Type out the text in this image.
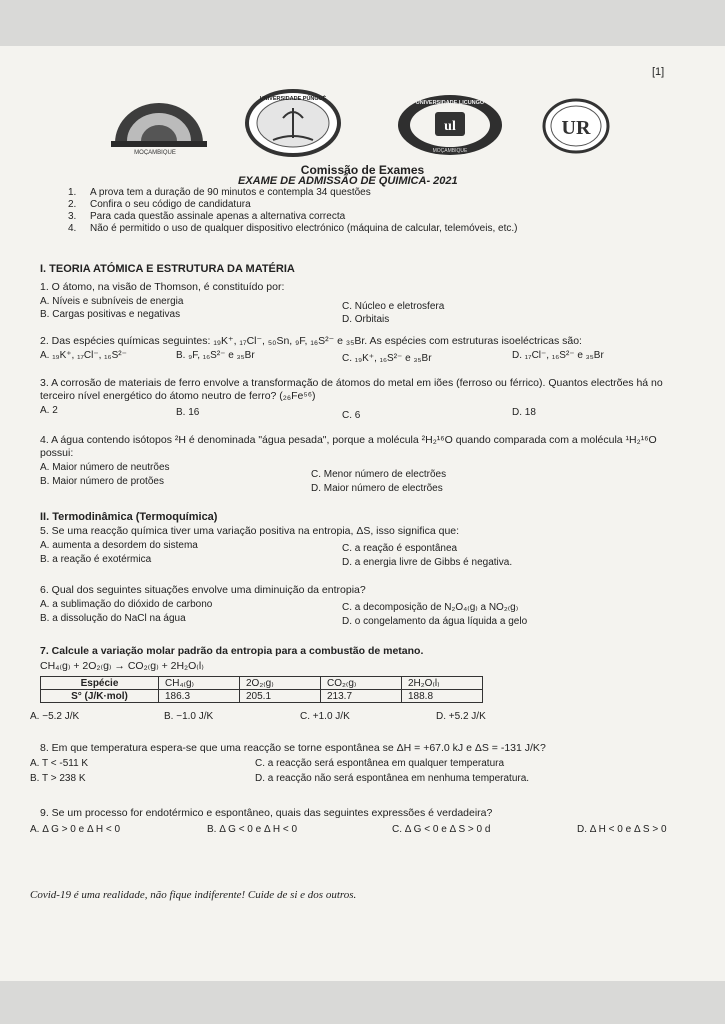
[1]
MOÇAMBIQUE
UNIVERSIDADE PÚNGUÈ
UNIVERSIDADE LICUNGO
ul
MOÇAMBIQUE
UR
Comissão de Exames
EXAME DE ADMISSÃO DE QUIMICA- 2021
1. A prova tem a duração de 90 minutos e contempla 34 questões
2. Confira o seu código de candidatura
3. Para cada questão assinale apenas a alternativa correcta
4. Não é permitido o uso de qualquer dispositivo electrónico (máquina de calcular, telemóveis, etc.)
I. TEORIA ATÓMICA E ESTRUTURA DA MATÉRIA
1. O átomo, na visão de Thomson, é constituído por:
A. Níveis e subníveis de energia
B. Cargas positivas e negativas
C. Núcleo e eletrosfera
D. Orbitais
2. Das espécies químicas seguintes: ₁₉K⁺, ₁₇Cl⁻, ₅₀Sn, ₉F, ₁₆S²⁻ e ₃₅Br. As espécies com estruturas isoeléctricas são:
A. ₁₉K⁺, ₁₇Cl⁻, ₁₆S²⁻	B. ₉F, ₁₆S²⁻ e ₃₅Br	C. ₁₉K⁺, ₁₆S²⁻ e ₃₅Br	D. ₁₇Cl⁻, ₁₆S²⁻ e ₃₅Br
3. A corrosão de materiais de ferro envolve a transformação de átomos do metal em iões (ferroso ou férrico). Quantos electrões há no
terceiro nível energético do átomo neutro de ferro? (₂₆Fe⁵⁶)
A. 2	B. 16	C. 6	D. 18
4. A água contendo isótopos ²H é denominada "água pesada", porque a molécula ²H₂¹⁶O quando comparada com a molécula ¹H₂¹⁶O
possui:
A. Maior número de neutrões
B. Maior número de protões
C. Menor número de electrões
D. Maior número de electrões
II. Termodinâmica (Termoquímica)
5. Se uma reacção química tiver uma variação positiva na entropia, ΔS, isso significa que:
A. aumenta a desordem do sistema
B. a reação é exotérmica
C. a reação é espontânea
D. a energia livre de Gibbs é negativa.
6. Qual dos seguintes situações envolve uma diminuição da entropia?
A. a sublimação do dióxido de carbono
B. a dissolução do NaCl na água
C. a decomposição de N₂O₄₍g₎ a NO₂₍g₎
D. o congelamento da água líquida a gelo
7. Calcule a variação molar padrão da entropia para a combustão de metano.
CH₄₍g₎ + 2O₂₍g₎ → CO₂₍g₎ + 2H₂O₍l₎
Espécie	CH₄₍g₎	2O₂₍g₎	CO₂₍g₎	2H₂O₍l₎
S° (J/K·mol)	186.3	205.1	213.7	188.8
A. −5.2 J/K	B. −1.0 J/K	C. +1.0 J/K	D. +5.2 J/K
8. Em que temperatura espera-se que uma reacção se torne espontânea se ΔH = +67.0 kJ e ΔS = -131 J/K?
A. T < -511 K
B. T > 238 K
C. a reacção será espontânea em qualquer temperatura
D. a reacção não será espontânea em nenhuma temperatura.
9. Se um processo for endotérmico e espontâneo, quais das seguintes expressões é verdadeira?
A. Δ G > 0 e Δ H < 0	B. Δ G < 0 e Δ H < 0	C. Δ G < 0 e Δ S > 0 d	D. Δ H < 0 e Δ S > 0
Covid-19 é uma realidade, não fique indiferente! Cuide de si e dos outros.
